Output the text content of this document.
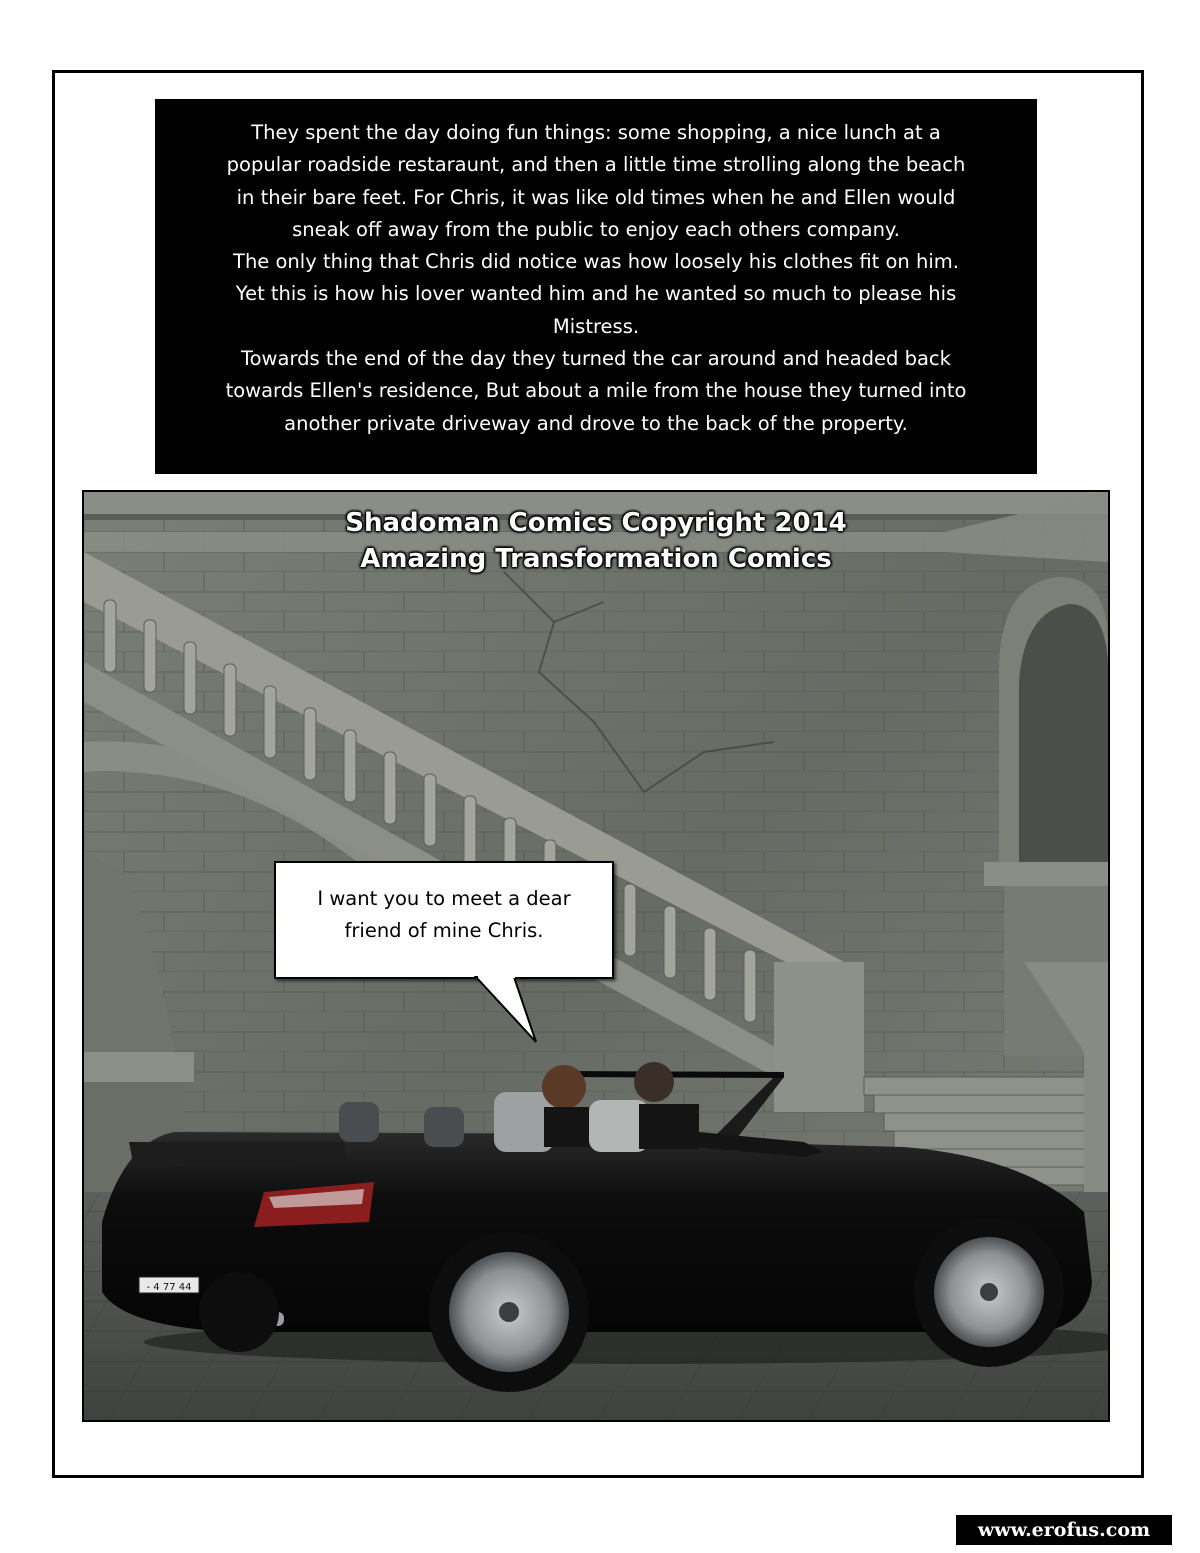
They spent the day doing fun things: some shopping, a nice lunch at a

popular roadside restaraunt, and then a little time strolling along the beach

in their bare feet. For Chris, it was like old times when he and Ellen would

sneak off away from the public to enjoy each others company.

The only thing that Chris did notice was how loosely his clothes fit on him.

Yet this is how his lover wanted him and he wanted so much to please his

Mistress.

Towards the end of the day they turned the car around and headed back

towards Ellen's residence, But about a mile from the house they turned into

another private driveway and drove to the back of the property.

- 4 77 44
Shadoman Comics Copyright 2014
Amazing Transformation Comics
I want you to meet a dear
friend of mine Chris.
www.erofus.com
